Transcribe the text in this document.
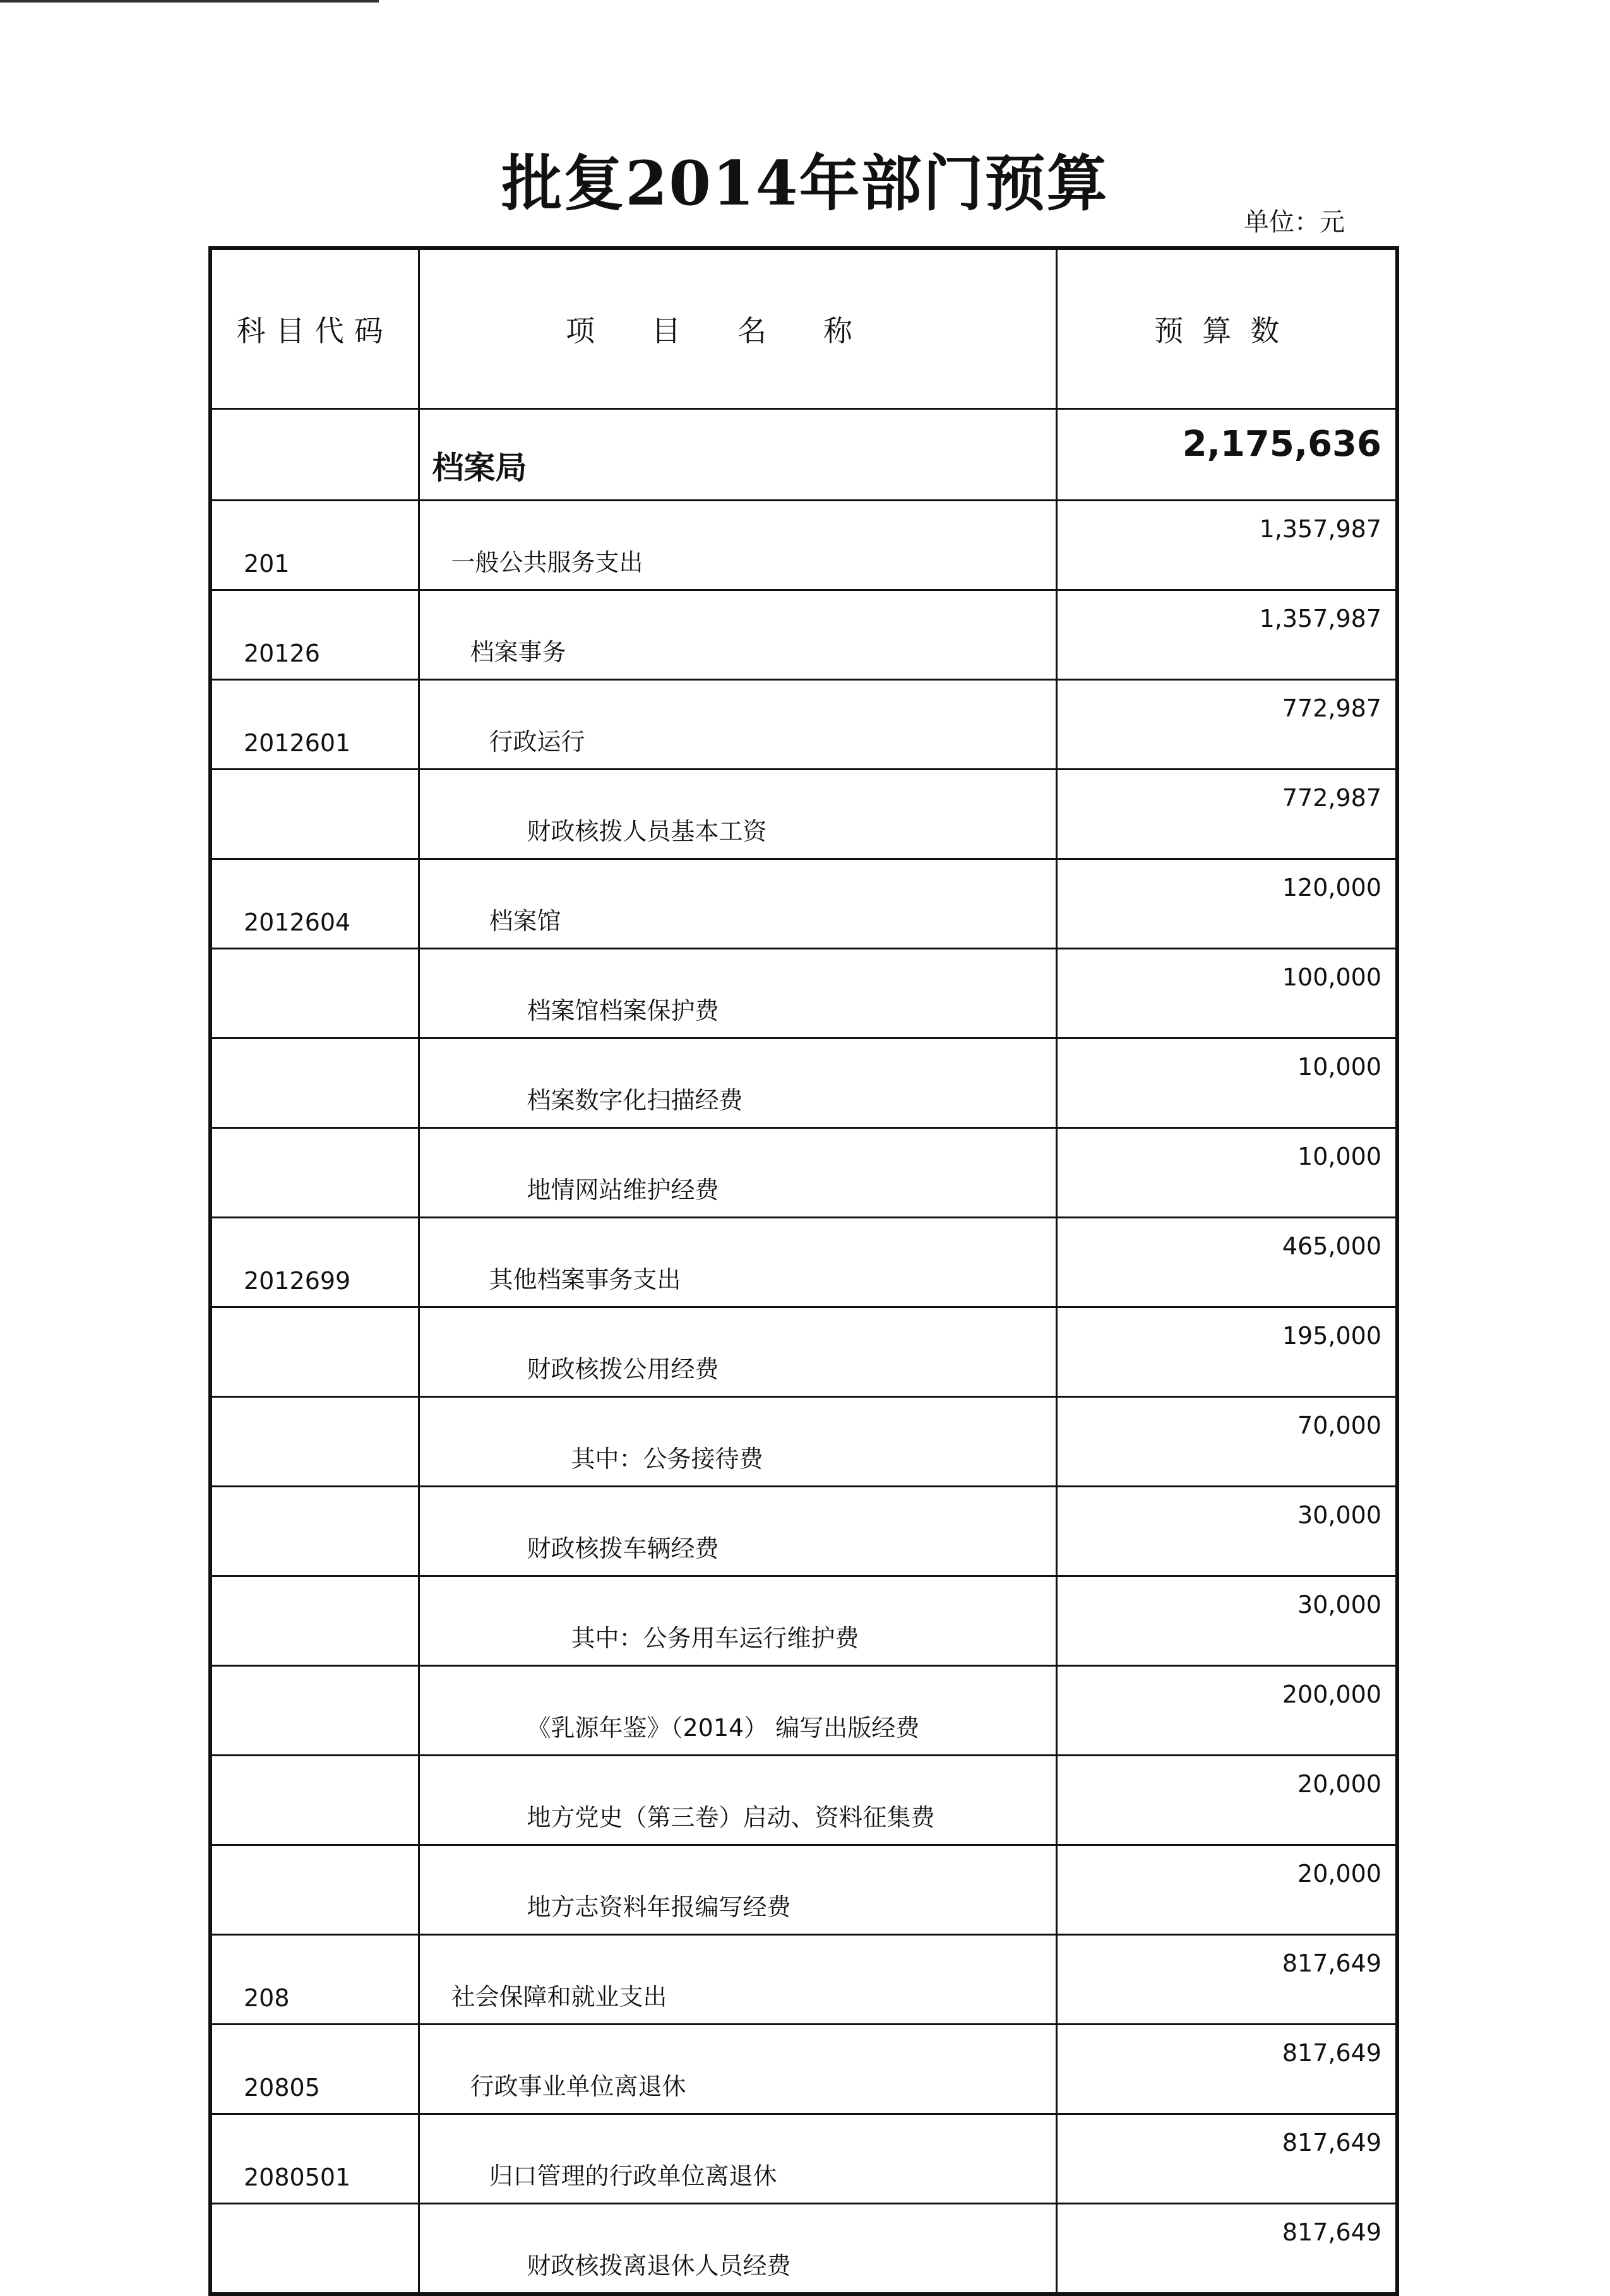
批复2014年部门预算
单位：元
科目代码	项目名称	预算数
	档案局	2,175,636
201	一般公共服务支出	1,357,987
20126	档案事务	1,357,987
2012601	行政运行	772,987
	财政核拨人员基本工资	772,987
2012604	档案馆	120,000
	档案馆档案保护费	100,000
	档案数字化扫描经费	10,000
	地情网站维护经费	10,000
2012699	其他档案事务支出	465,000
	财政核拨公用经费	195,000
	其中：公务接待费	70,000
	财政核拨车辆经费	30,000
	其中：公务用车运行维护费	30,000
	《乳源年鉴》（2014） 编写出版经费	200,000
	地方党史（第三卷）启动、资料征集费	20,000
	地方志资料年报编写经费	20,000
208	社会保障和就业支出	817,649
20805	行政事业单位离退休	817,649
2080501	归口管理的行政单位离退休	817,649
	财政核拨离退休人员经费	817,649
